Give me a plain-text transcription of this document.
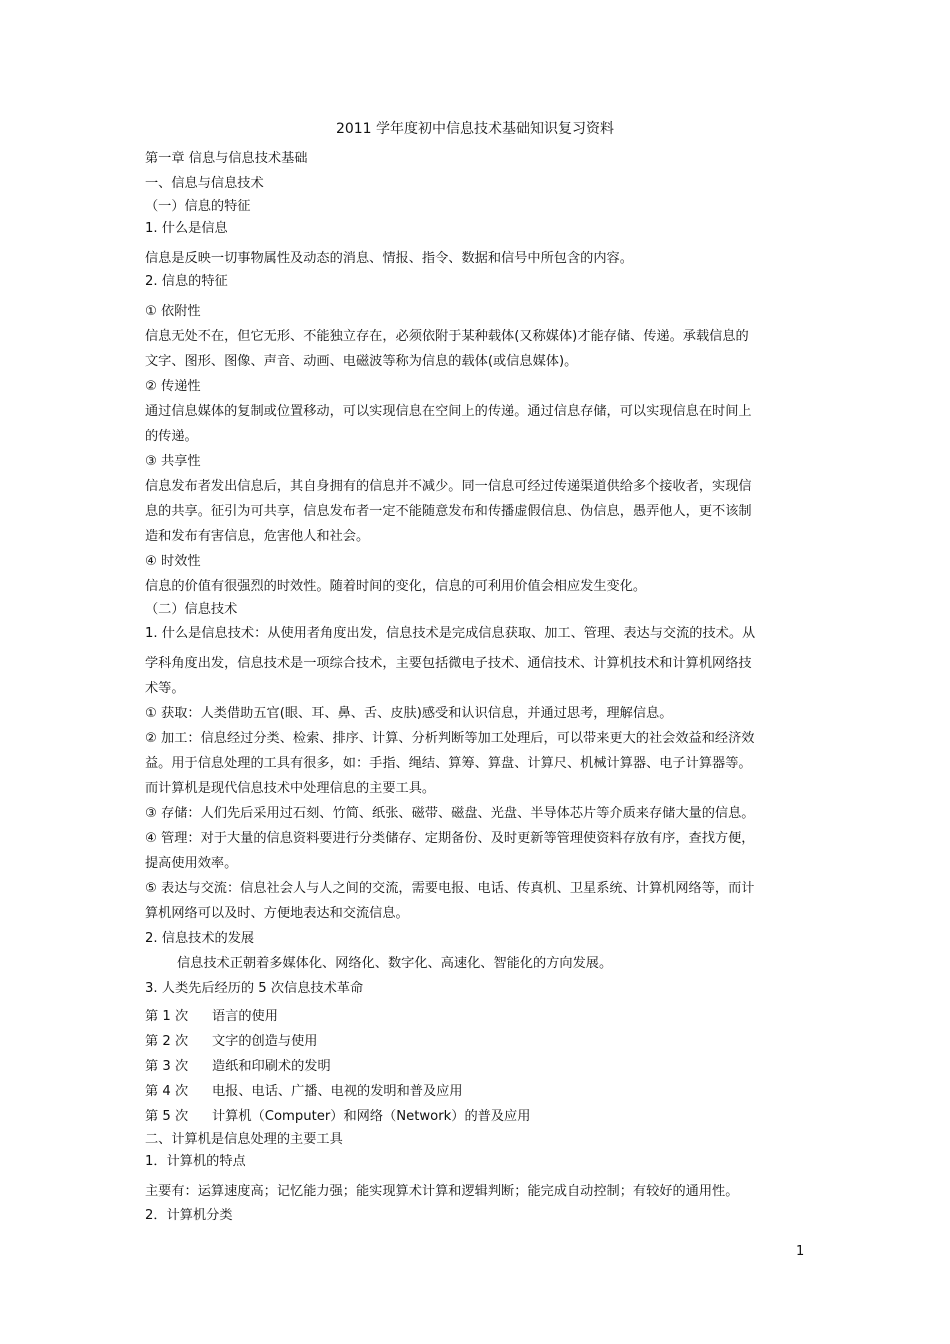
2011 学年度初中信息技术基础知识复习资料
第一章 信息与信息技术基础
一、信息与信息技术
（一）信息的特征
1. 什么是信息
信息是反映一切事物属性及动态的消息、情报、指令、数据和信号中所包含的内容。
2. 信息的特征
① 依附性
信息无处不在，但它无形、不能独立存在，必须依附于某种载体(又称媒体)才能存储、传递。承载信息的
文字、图形、图像、声音、动画、电磁波等称为信息的载体(或信息媒体)。
② 传递性
通过信息媒体的复制或位置移动，可以实现信息在空间上的传递。通过信息存储，可以实现信息在时间上
的传递。
③ 共享性
信息发布者发出信息后，其自身拥有的信息并不减少。同一信息可经过传递渠道供给多个接收者，实现信
息的共享。征引为可共享，信息发布者一定不能随意发布和传播虚假信息、伪信息，愚弄他人，更不该制
造和发布有害信息，危害他人和社会。
④ 时效性
信息的价值有很强烈的时效性。随着时间的变化，信息的可利用价值会相应发生变化。
（二）信息技术
1. 什么是信息技术：从使用者角度出发，信息技术是完成信息获取、加工、管理、表达与交流的技术。从
学科角度出发，信息技术是一项综合技术，主要包括微电子技术、通信技术、计算机技术和计算机网络技
术等。
① 获取：人类借助五官(眼、耳、鼻、舌、皮肤)感受和认识信息，并通过思考，理解信息。
② 加工：信息经过分类、检索、排序、计算、分析判断等加工处理后，可以带来更大的社会效益和经济效
益。用于信息处理的工具有很多，如：手指、绳结、算筹、算盘、计算尺、机械计算器、电子计算器等。
而计算机是现代信息技术中处理信息的主要工具。
③ 存储：人们先后采用过石刻、竹简、纸张、磁带、磁盘、光盘、半导体芯片等介质来存储大量的信息。
④ 管理：对于大量的信息资料要进行分类储存、定期备份、及时更新等管理使资料存放有序，查找方便，
提高使用效率。
⑤ 表达与交流：信息社会人与人之间的交流，需要电报、电话、传真机、卫星系统、计算机网络等，而计
算机网络可以及时、方便地表达和交流信息。
2. 信息技术的发展
信息技术正朝着多媒体化、网络化、数字化、高速化、智能化的方向发展。
3. 人类先后经历的 5 次信息技术革命
第 1 次	语言的使用
第 2 次	文字的创造与使用
第 3 次	造纸和印刷术的发明
第 4 次	电报、电话、广播、电视的发明和普及应用
第 5 次	计算机（Computer）和网络（Network）的普及应用
二、计算机是信息处理的主要工具
1．计算机的特点
主要有：运算速度高；记忆能力强；能实现算术计算和逻辑判断；能完成自动控制；有较好的通用性。
2．计算机分类
1
